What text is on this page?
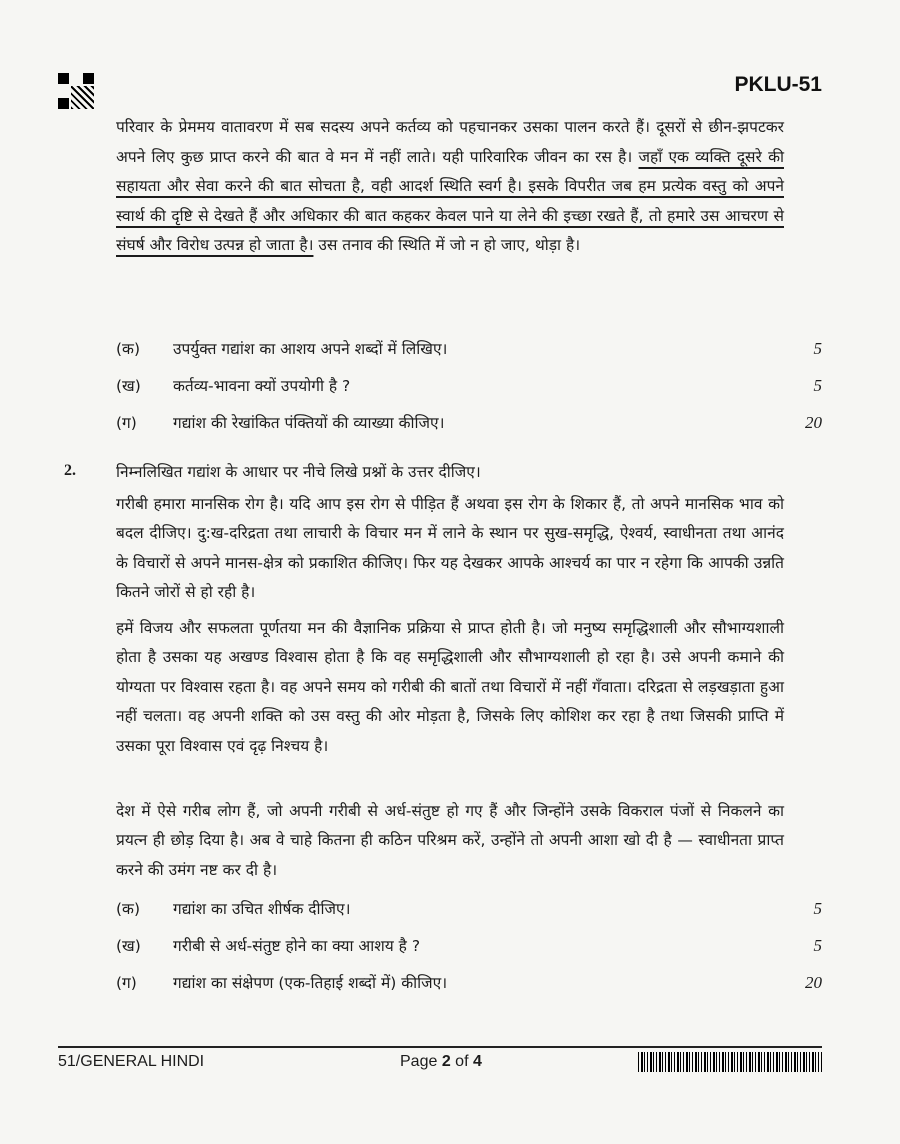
PKLU-51

परिवार के प्रेममय वातावरण में सब सदस्य अपने कर्तव्य को पहचानकर उसका पालन करते हैं। दूसरों से छीन-झपटकर अपने लिए कुछ प्राप्त करने की बात वे मन में नहीं लाते। यही पारिवारिक जीवन का रस है। जहाँ एक व्यक्ति दूसरे की सहायता और सेवा करने की बात सोचता है, वही आदर्श स्थिति स्वर्ग है। इसके विपरीत जब हम प्रत्येक वस्तु को अपने स्वार्थ की दृष्टि से देखते हैं और अधिकार की बात कहकर केवल पाने या लेने की इच्छा रखते हैं, तो हमारे उस आचरण से संघर्ष और विरोध उत्पन्न हो जाता है। उस तनाव की स्थिति में जो न हो जाए, थोड़ा है।

(क)	उपर्युक्त गद्यांश का आशय अपने शब्दों में लिखिए।	5
(ख)	कर्तव्य-भावना क्यों उपयोगी है ?	5
(ग)	गद्यांश की रेखांकित पंक्तियों की व्याख्या कीजिए।	20

निम्नलिखित गद्यांश के आधार पर नीचे लिखे प्रश्नों के उत्तर दीजिए।

गरीबी हमारा मानसिक रोग है। यदि आप इस रोग से पीड़ित हैं अथवा इस रोग के शिकार हैं, तो अपने मानसिक भाव को बदल दीजिए। दु:ख-दरिद्रता तथा लाचारी के विचार मन में लाने के स्थान पर सुख-समृद्धि, ऐश्वर्य, स्वाधीनता तथा आनंद के विचारों से अपने मानस-क्षेत्र को प्रकाशित कीजिए। फिर यह देखकर आपके आश्चर्य का पार न रहेगा कि आपकी उन्नति कितने जोरों से हो रही है।

हमें विजय और सफलता पूर्णतया मन की वैज्ञानिक प्रक्रिया से प्राप्त होती है। जो मनुष्य समृद्धिशाली और सौभाग्यशाली होता है उसका यह अखण्ड विश्वास होता है कि वह समृद्धिशाली और सौभाग्यशाली हो रहा है। उसे अपनी कमाने की योग्यता पर विश्वास रहता है। वह अपने समय को गरीबी की बातों तथा विचारों में नहीं गँवाता। दरिद्रता से लड़खड़ाता हुआ नहीं चलता। वह अपनी शक्ति को उस वस्तु की ओर मोड़ता है, जिसके लिए कोशिश कर रहा है तथा जिसकी प्राप्ति में उसका पूरा विश्वास एवं दृढ़ निश्चय है।

देश में ऐसे गरीब लोग हैं, जो अपनी गरीबी से अर्ध-संतुष्ट हो गए हैं और जिन्होंने उसके विकराल पंजों से निकलने का प्रयत्न ही छोड़ दिया है। अब वे चाहे कितना ही कठिन परिश्रम करें, उन्होंने तो अपनी आशा खो दी है — स्वाधीनता प्राप्त करने की उमंग नष्ट कर दी है।

(क)	गद्यांश का उचित शीर्षक दीजिए।	5
(ख)	गरीबी से अर्ध-संतुष्ट होने का क्या आशय है ?	5
(ग)	गद्यांश का संक्षेपण (एक-तिहाई शब्दों में) कीजिए।	20
2.
51/GENERAL HINDI	Page 2 of 4
